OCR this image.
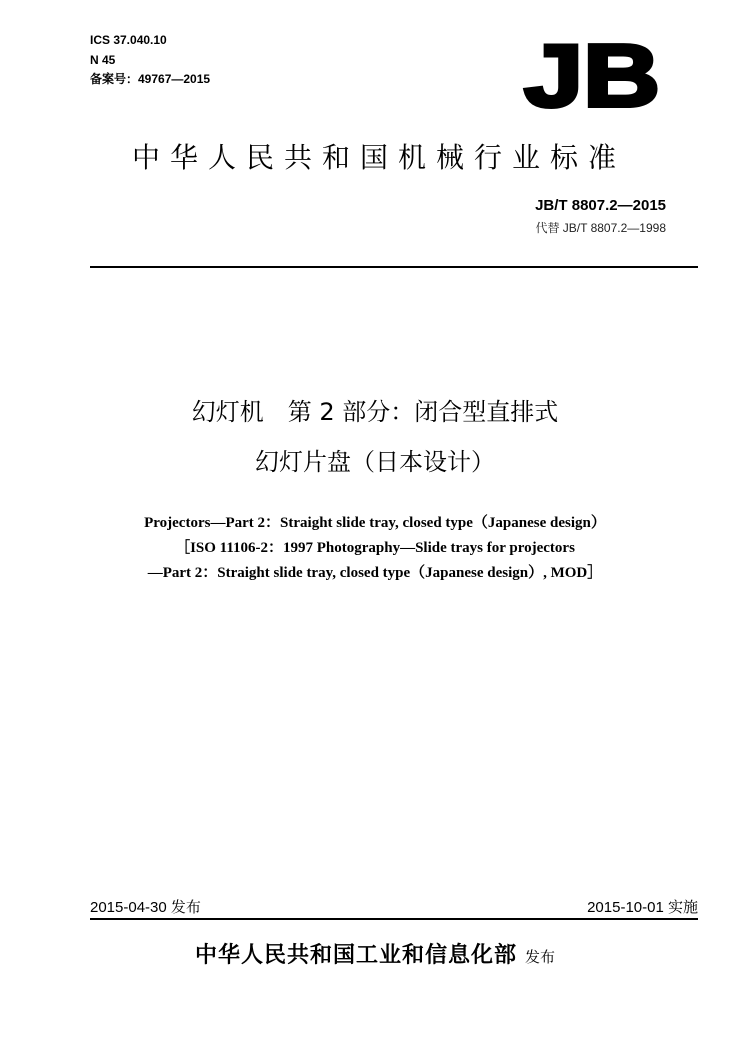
ICS 37.040.10
N 45
备案号：49767—2015	JB
中华人民共和国机械行业标准
JB/T 8807.2—2015
代替 JB/T 8807.2—1998
幻灯机　第 2 部分：闭合型直排式
幻灯片盘（日本设计）
Projectors—Part 2：Straight slide tray, closed type（Japanese design）
［ISO 11106-2：1997 Photography—Slide trays for projectors
—Part 2：Straight slide tray, closed type（Japanese design）, MOD］
2015-04-30 发布	2015-10-01 实施
中华人民共和国工业和信息化部 发布
